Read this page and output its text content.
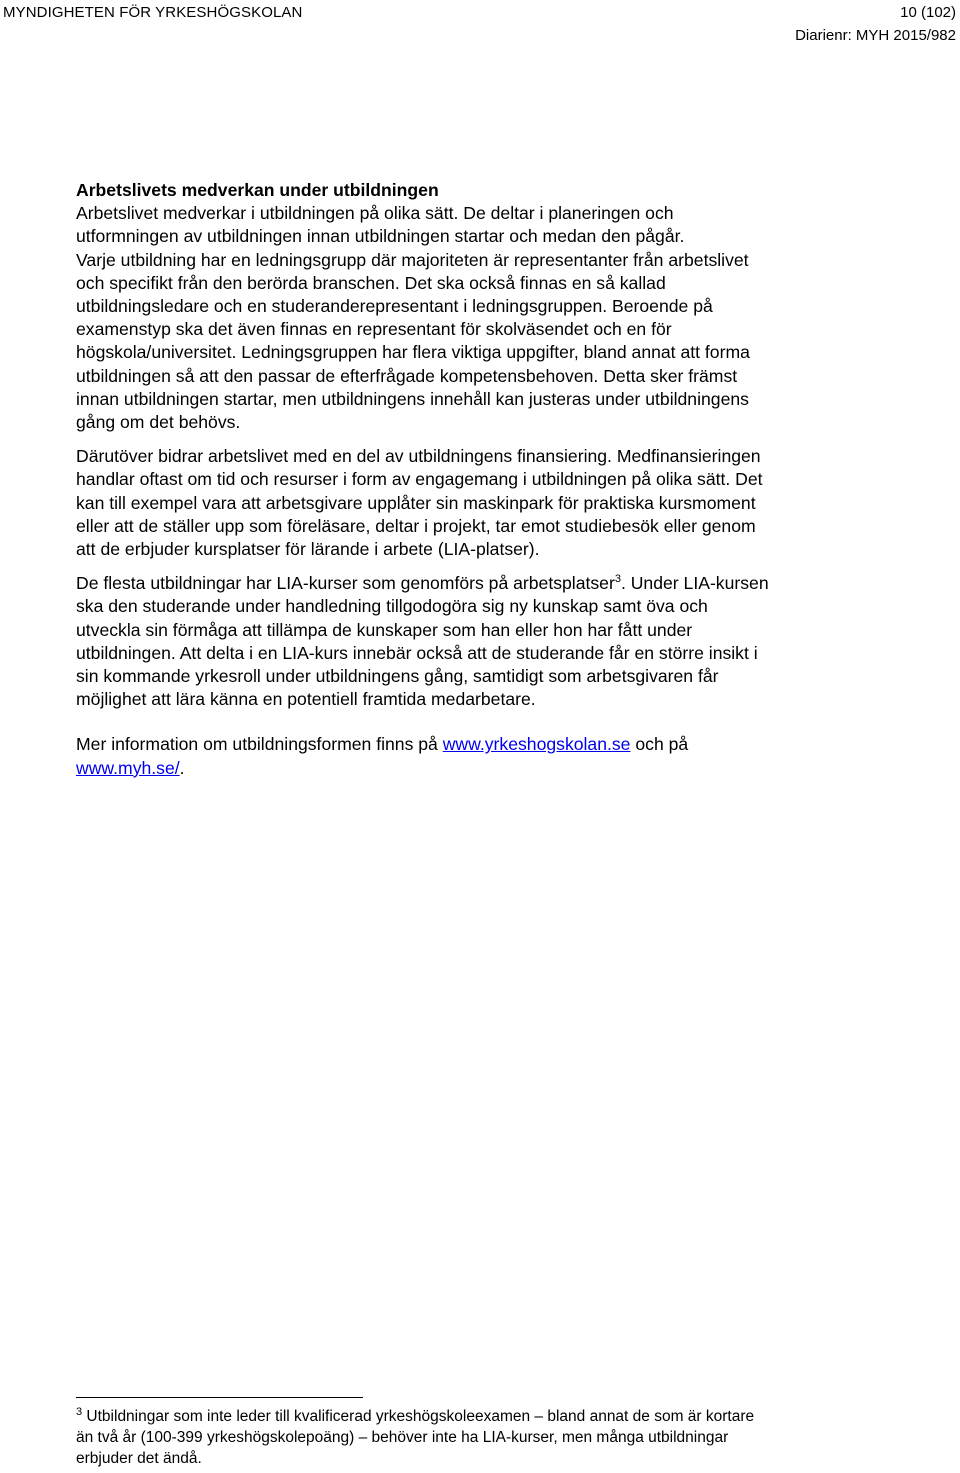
MYNDIGHETEN FÖR YRKESHÖGSKOLAN	10 (102)
Diarienr: MYH 2015/982
Arbetslivets medverkan under utbildningen

Arbetslivet medverkar i utbildningen på olika sätt. De deltar i planeringen och
utformningen av utbildningen innan utbildningen startar och medan den pågår.

Varje utbildning har en ledningsgrupp där majoriteten är representanter från arbetslivet
och specifikt från den berörda branschen. Det ska också finnas en så kallad
utbildningsledare och en studeranderepresentant i ledningsgruppen. Beroende på
examenstyp ska det även finnas en representant för skolväsendet och en för
högskola/universitet. Ledningsgruppen har flera viktiga uppgifter, bland annat att forma
utbildningen så att den passar de efterfrågade kompetensbehoven. Detta sker främst
innan utbildningen startar, men utbildningens innehåll kan justeras under utbildningens
gång om det behövs.

Därutöver bidrar arbetslivet med en del av utbildningens finansiering. Medfinansieringen
handlar oftast om tid och resurser i form av engagemang i utbildningen på olika sätt. Det
kan till exempel vara att arbetsgivare upplåter sin maskinpark för praktiska kursmoment
eller att de ställer upp som föreläsare, deltar i projekt, tar emot studiebesök eller genom
att de erbjuder kursplatser för lärande i arbete (LIA-platser).

De flesta utbildningar har LIA-kurser som genomförs på arbetsplatser$^3$. Under LIA-kursen
ska den studerande under handledning tillgodogöra sig ny kunskap samt öva och
utveckla sin förmåga att tillämpa de kunskaper som han eller hon har fått under
utbildningen. Att delta i en LIA-kurs innebär också att de studerande får en större insikt i
sin kommande yrkesroll under utbildningens gång, samtidigt som arbetsgivaren får
möjlighet att lära känna en potentiell framtida medarbetare.

Mer information om utbildningsformen finns på www.yrkeshogskolan.se och på
www.myh.se/.

$^3$ Utbildningar som inte leder till kvalificerad yrkeshögskoleexamen – bland annat de som är kortare
än två år (100-399 yrkeshögskolepoäng) – behöver inte ha LIA-kurser, men många utbildningar
erbjuder det ändå.
